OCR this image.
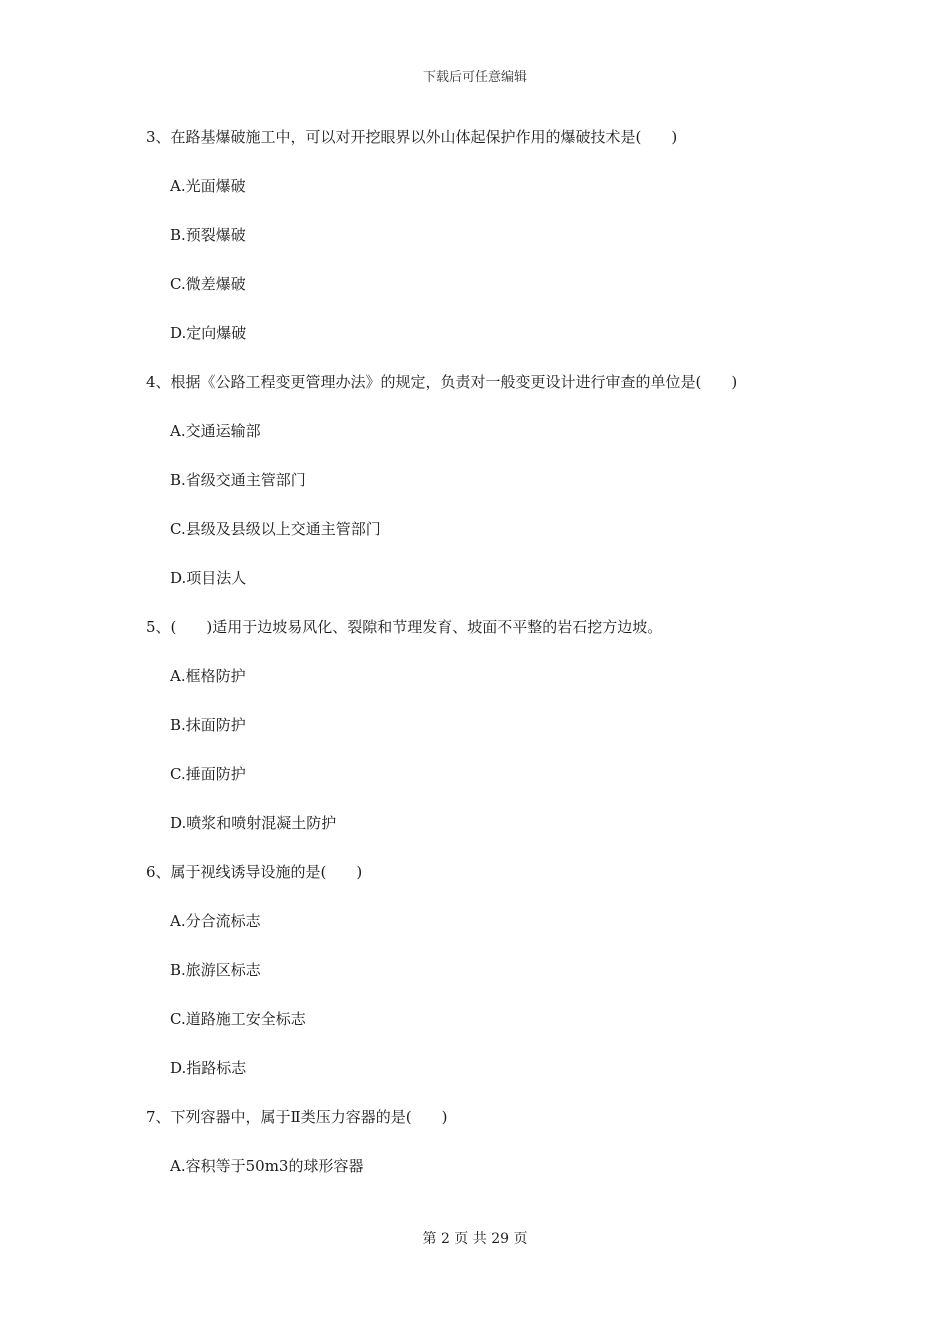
下载后可任意编辑
3、在路基爆破施工中，可以对开挖眼界以外山体起保护作用的爆破技术是(　　)
A.光面爆破
B.预裂爆破
C.微差爆破
D.定向爆破
4、根据《公路工程变更管理办法》的规定，负责对一般变更设计进行审查的单位是(　　)
A.交通运输部
B.省级交通主管部门
C.县级及县级以上交通主管部门
D.项目法人
5、(　　)适用于边坡易风化、裂隙和节理发育、坡面不平整的岩石挖方边坡。
A.框格防护
B.抹面防护
C.捶面防护
D.喷浆和喷射混凝土防护
6、属于视线诱导设施的是(　　)
A.分合流标志
B.旅游区标志
C.道路施工安全标志
D.指路标志
7、下列容器中，属于Ⅱ类压力容器的是(　　)
A.容积等于50m3的球形容器
第 2 页 共 29 页
